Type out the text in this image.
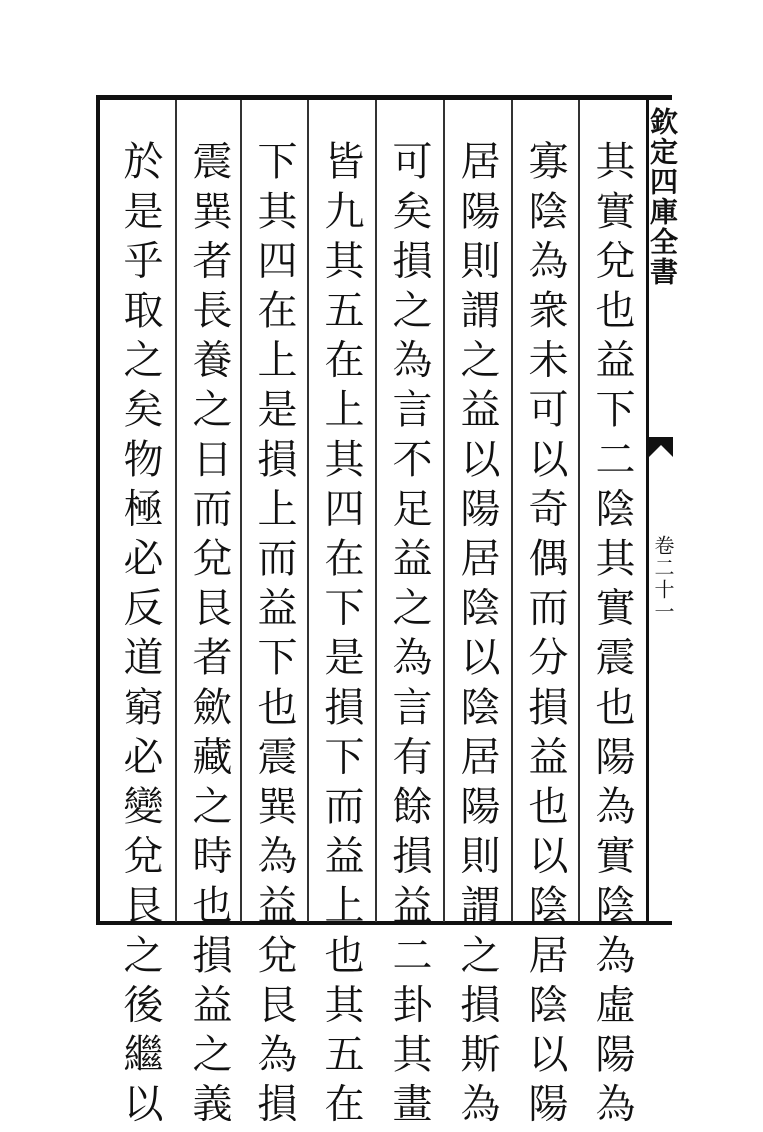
欽定四庫全書
卷二十一
其實兌也益下二陰其實震也陽為實陰為虛陽為
寡陰為衆未可以奇偶而分損益也以陰居陰以陽
居陽則謂之益以陽居陰以陰居陽則謂之損斯為
可矣損之為言不足益之為言有餘損益二卦其畫
皆九其五在上其四在下是損下而益上也其五在
下其四在上是損上而益下也震巽為益兌艮為損
震巽者長養之日而兌艮者歛藏之時也損益之義
於是乎取之矣物極必反道窮必變兌艮之後繼以
